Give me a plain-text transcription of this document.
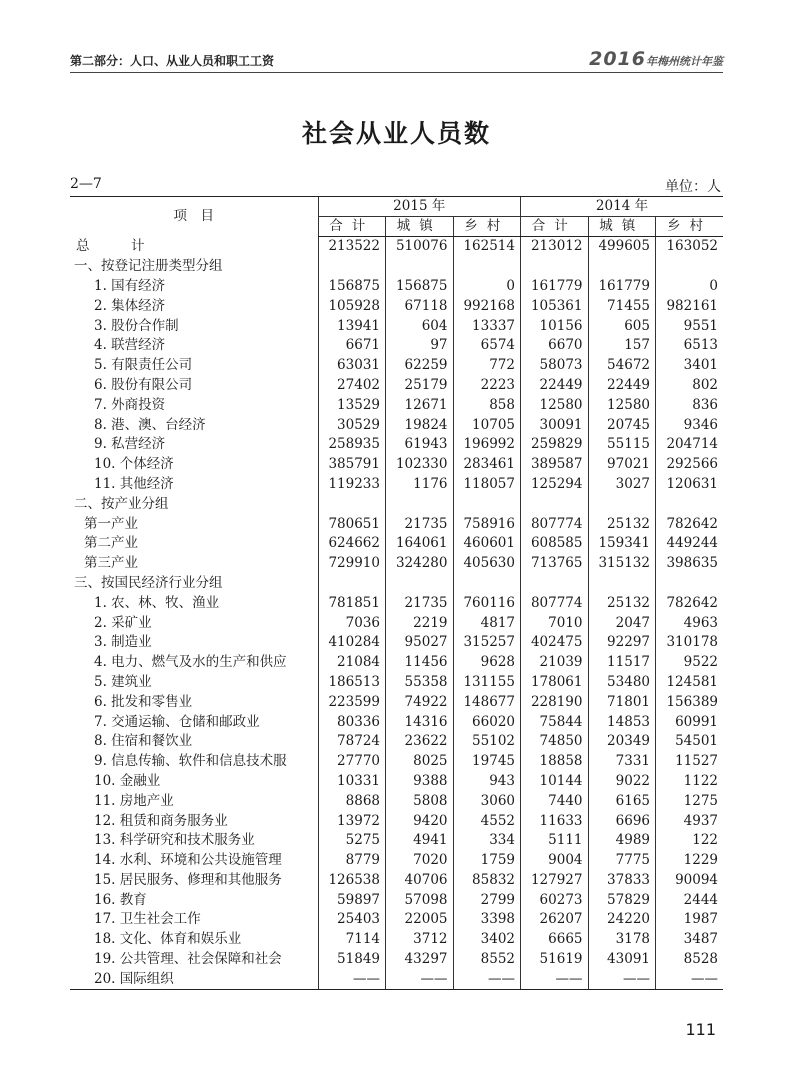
第二部分：人口、从业人员和职工工资	2016年梅州统计年鉴
社会从业人员数
2—7	单位：人
项　目	2015 年			2014 年		
	合计	城镇	乡村	合计	城镇	乡村
总　计	213522	510076	162514	213012	499605	163052
一、按登记注册类型分组						
1. 国有经济	156875	156875	0	161779	161779	0
2. 集体经济	105928	67118	992168	105361	71455	982161
3. 股份合作制	13941	604	13337	10156	605	9551
4. 联营经济	6671	97	6574	6670	157	6513
5. 有限责任公司	63031	62259	772	58073	54672	3401
6. 股份有限公司	27402	25179	2223	22449	22449	802
7. 外商投资	13529	12671	858	12580	12580	836
8. 港、澳、台经济	30529	19824	10705	30091	20745	9346
9. 私营经济	258935	61943	196992	259829	55115	204714
10. 个体经济	385791	102330	283461	389587	97021	292566
11. 其他经济	119233	1176	118057	125294	3027	120631
二、按产业分组						
第一产业	780651	21735	758916	807774	25132	782642
第二产业	624662	164061	460601	608585	159341	449244
第三产业	729910	324280	405630	713765	315132	398635
三、按国民经济行业分组						
1. 农、林、牧、渔业	781851	21735	760116	807774	25132	782642
2. 采矿业	7036	2219	4817	7010	2047	4963
3. 制造业	410284	95027	315257	402475	92297	310178
4. 电力、燃气及水的生产和供应	21084	11456	9628	21039	11517	9522
5. 建筑业	186513	55358	131155	178061	53480	124581
6. 批发和零售业	223599	74922	148677	228190	71801	156389
7. 交通运输、仓储和邮政业	80336	14316	66020	75844	14853	60991
8. 住宿和餐饮业	78724	23622	55102	74850	20349	54501
9. 信息传输、软件和信息技术服	27770	8025	19745	18858	7331	11527
10. 金融业	10331	9388	943	10144	9022	1122
11. 房地产业	8868	5808	3060	7440	6165	1275
12. 租赁和商务服务业	13972	9420	4552	11633	6696	4937
13. 科学研究和技术服务业	5275	4941	334	5111	4989	122
14. 水利、环境和公共设施管理	8779	7020	1759	9004	7775	1229
15. 居民服务、修理和其他服务	126538	40706	85832	127927	37833	90094
16. 教育	59897	57098	2799	60273	57829	2444
17. 卫生社会工作	25403	22005	3398	26207	24220	1987
18. 文化、体育和娱乐业	7114	3712	3402	6665	3178	3487
19. 公共管理、社会保障和社会	51849	43297	8552	51619	43091	8528
20. 国际组织	——	——	——	——	——	——
111
